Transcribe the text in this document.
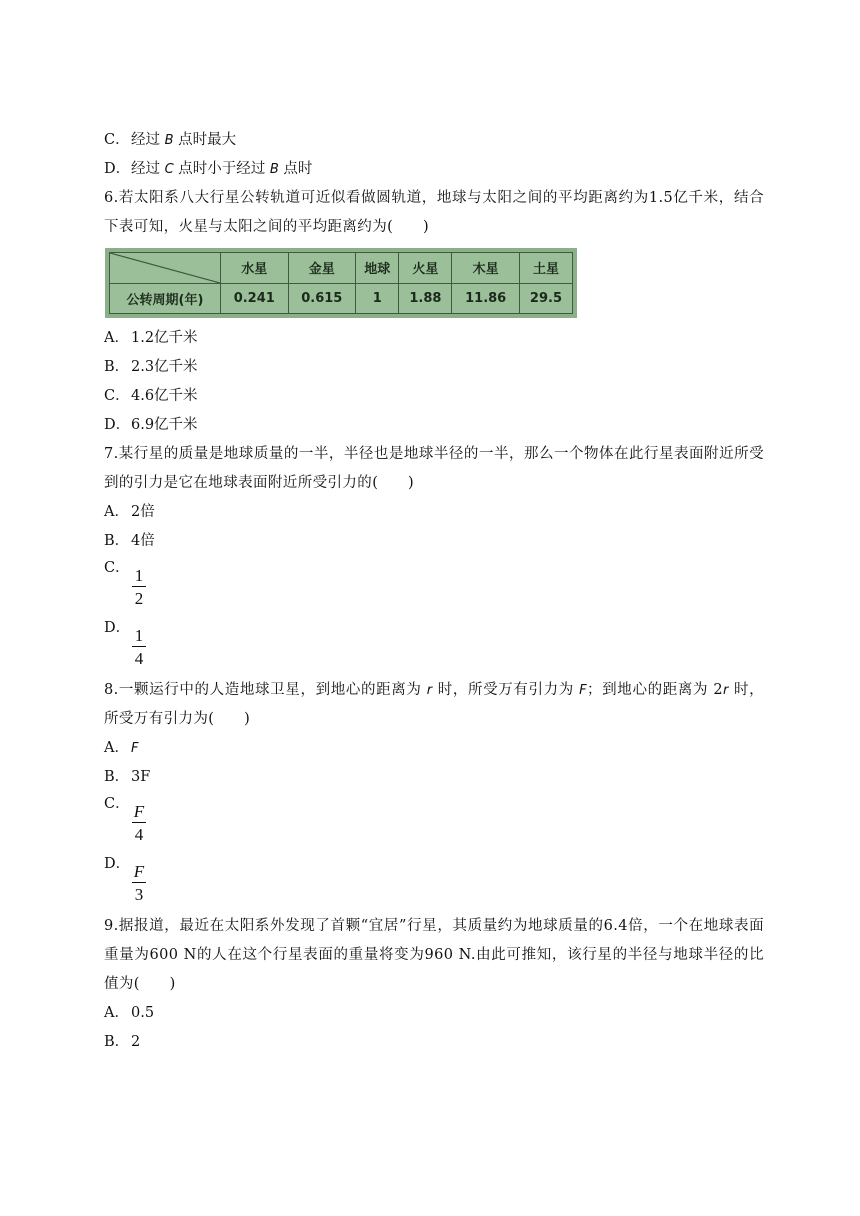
C．经过 B 点时最大
D．经过 C 点时小于经过 B 点时
6.若太阳系八大行星公转轨道可近似看做圆轨道，地球与太阳之间的平均距离约为1.5亿千米，结合下表可知，火星与太阳之间的平均距离约为(　　)
	水星	金星	地球	火星	木星	土星
公转周期(年)	0.241	0.615	1	1.88	11.86	29.5
A． 1.2亿千米
B． 2.3亿千米
C．4.6亿千米
D．6.9亿千米
7.某行星的质量是地球质量的一半，半径也是地球半径的一半，那么一个物体在此行星表面附近所受到的引力是它在地球表面附近所受引力的(　　)
A． 2倍
B． 4倍
C． 1
2
D． 1
4
8.一颗运行中的人造地球卫星，到地心的距离为 r 时，所受万有引力为 F；到地心的距离为 2r 时，所受万有引力为(　　)
A． F
B． 3F
C． F
4
D． F
3
9.据报道，最近在太阳系外发现了首颗“宜居”行星，其质量约为地球质量的6.4倍，一个在地球表面重量为600 N的人在这个行星表面的重量将变为960 N.由此可推知，该行星的半径与地球半径的比值为(　　)
A． 0.5
B． 2
